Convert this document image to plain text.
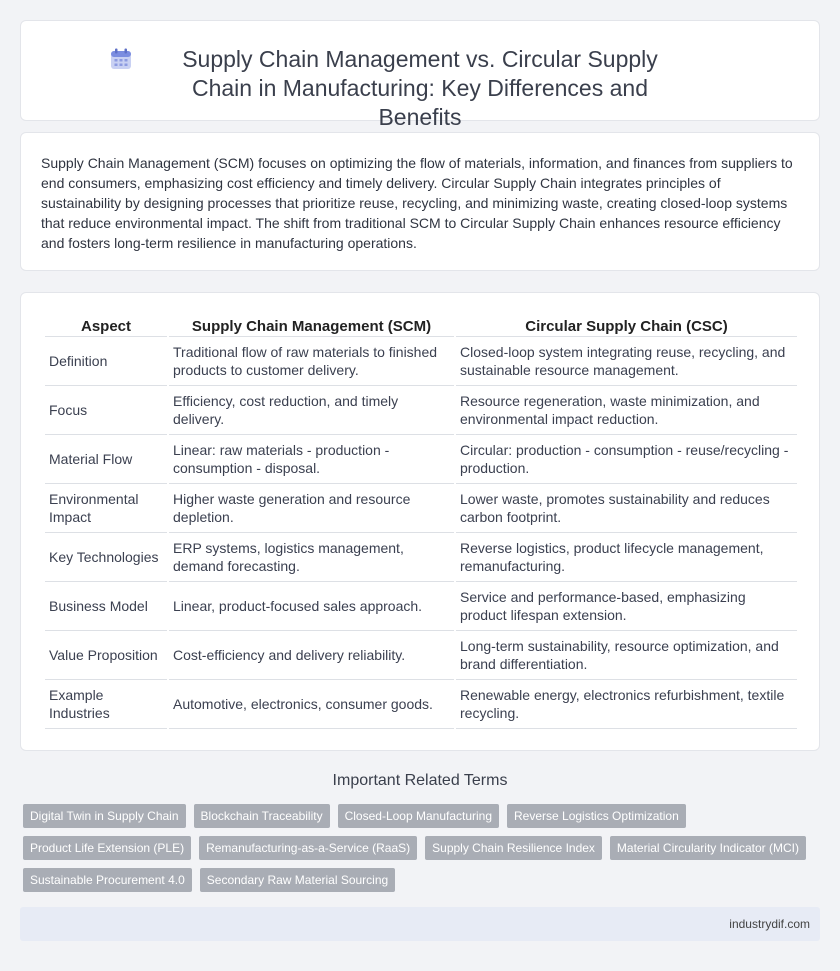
Supply Chain Management vs. Circular Supply Chain in Manufacturing: Key Differences and Benefits

Supply Chain Management (SCM) focuses on optimizing the flow of materials, information, and finances from suppliers to end consumers, emphasizing cost efficiency and timely delivery. Circular Supply Chain integrates principles of sustainability by designing processes that prioritize reuse, recycling, and minimizing waste, creating closed-loop systems that reduce environmental impact. The shift from traditional SCM to Circular Supply Chain enhances resource efficiency and fosters long-term resilience in manufacturing operations.

Aspect	Supply Chain Management (SCM)	Circular Supply Chain (CSC)
Definition	Traditional flow of raw materials to finished products to customer delivery.	Closed-loop system integrating reuse, recycling, and sustainable resource management.
Focus	Efficiency, cost reduction, and timely delivery.	Resource regeneration, waste minimization, and environmental impact reduction.
Material Flow	Linear: raw materials - production - consumption - disposal.	Circular: production - consumption - reuse/recycling - production.
Environmental Impact	Higher waste generation and resource depletion.	Lower waste, promotes sustainability and reduces carbon footprint.
Key Technologies	ERP systems, logistics management, demand forecasting.	Reverse logistics, product lifecycle management, remanufacturing.
Business Model	Linear, product-focused sales approach.	Service and performance-based, emphasizing product lifespan extension.
Value Proposition	Cost-efficiency and delivery reliability.	Long-term sustainability, resource optimization, and brand differentiation.
Example Industries	Automotive, electronics, consumer goods.	Renewable energy, electronics refurbishment, textile recycling.
Important Related Terms
Digital Twin in Supply Chain	Blockchain Traceability	Closed-Loop Manufacturing	Reverse Logistics Optimization
Product Life Extension (PLE)	Remanufacturing-as-a-Service (RaaS)	Supply Chain Resilience Index	Material Circularity Indicator (MCI)
Sustainable Procurement 4.0	Secondary Raw Material Sourcing
industrydif.com
